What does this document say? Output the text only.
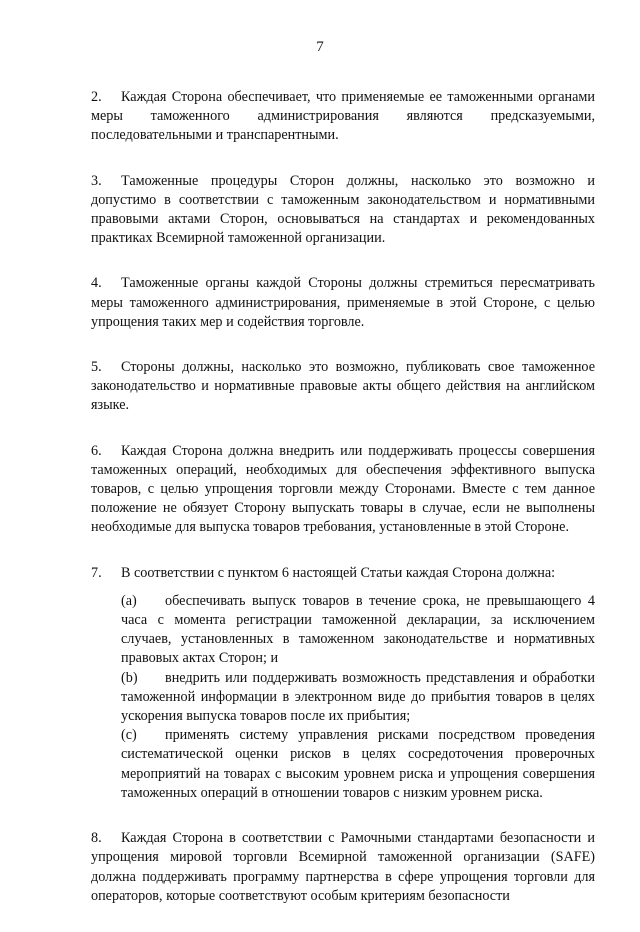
7

2. Каждая Сторона обеспечивает, что применяемые ее таможенными органами меры таможенного администрирования являются предсказуемыми, последовательными и транспарентными.

3. Таможенные процедуры Сторон должны, насколько это возможно и допустимо в соответствии с таможенным законодательством и нормативными правовыми актами Сторон, основываться на стандартах и рекомендованных практиках Всемирной таможенной организации.

4. Таможенные органы каждой Стороны должны стремиться пересматривать меры таможенного администрирования, применяемые в этой Стороне, с целью упрощения таких мер и содействия торговле.

5. Стороны должны, насколько это возможно, публиковать свое таможенное законодательство и нормативные правовые акты общего действия на английском языке.

6. Каждая Сторона должна внедрить или поддерживать процессы совершения таможенных операций, необходимых для обеспечения эффективного выпуска товаров, с целью упрощения торговли между Сторонами. Вместе с тем данное положение не обязует Сторону выпускать товары в случае, если не выполнены необходимые для выпуска товаров требования, установленные в этой Стороне.

7. В соответствии с пунктом 6 настоящей Статьи каждая Сторона должна:

(a) обеспечивать выпуск товаров в течение срока, не превышающего 4 часа с момента регистрации таможенной декларации, за исключением случаев, установленных в таможенном законодательстве и нормативных правовых актах Сторон; и

(b) внедрить или поддерживать возможность представления и обработки таможенной информации в электронном виде до прибытия товаров в целях ускорения выпуска товаров после их прибытия;

(c) применять систему управления рисками посредством проведения систематической оценки рисков в целях сосредоточения проверочных мероприятий на товарах с высоким уровнем риска и упрощения совершения таможенных операций в отношении товаров с низким уровнем риска.

8. Каждая Сторона в соответствии с Рамочными стандартами безопасности и упрощения мировой торговли Всемирной таможенной организации (SAFE) должна поддерживать программу партнерства в сфере упрощения торговли для операторов, которые соответствуют особым критериям безопасности
